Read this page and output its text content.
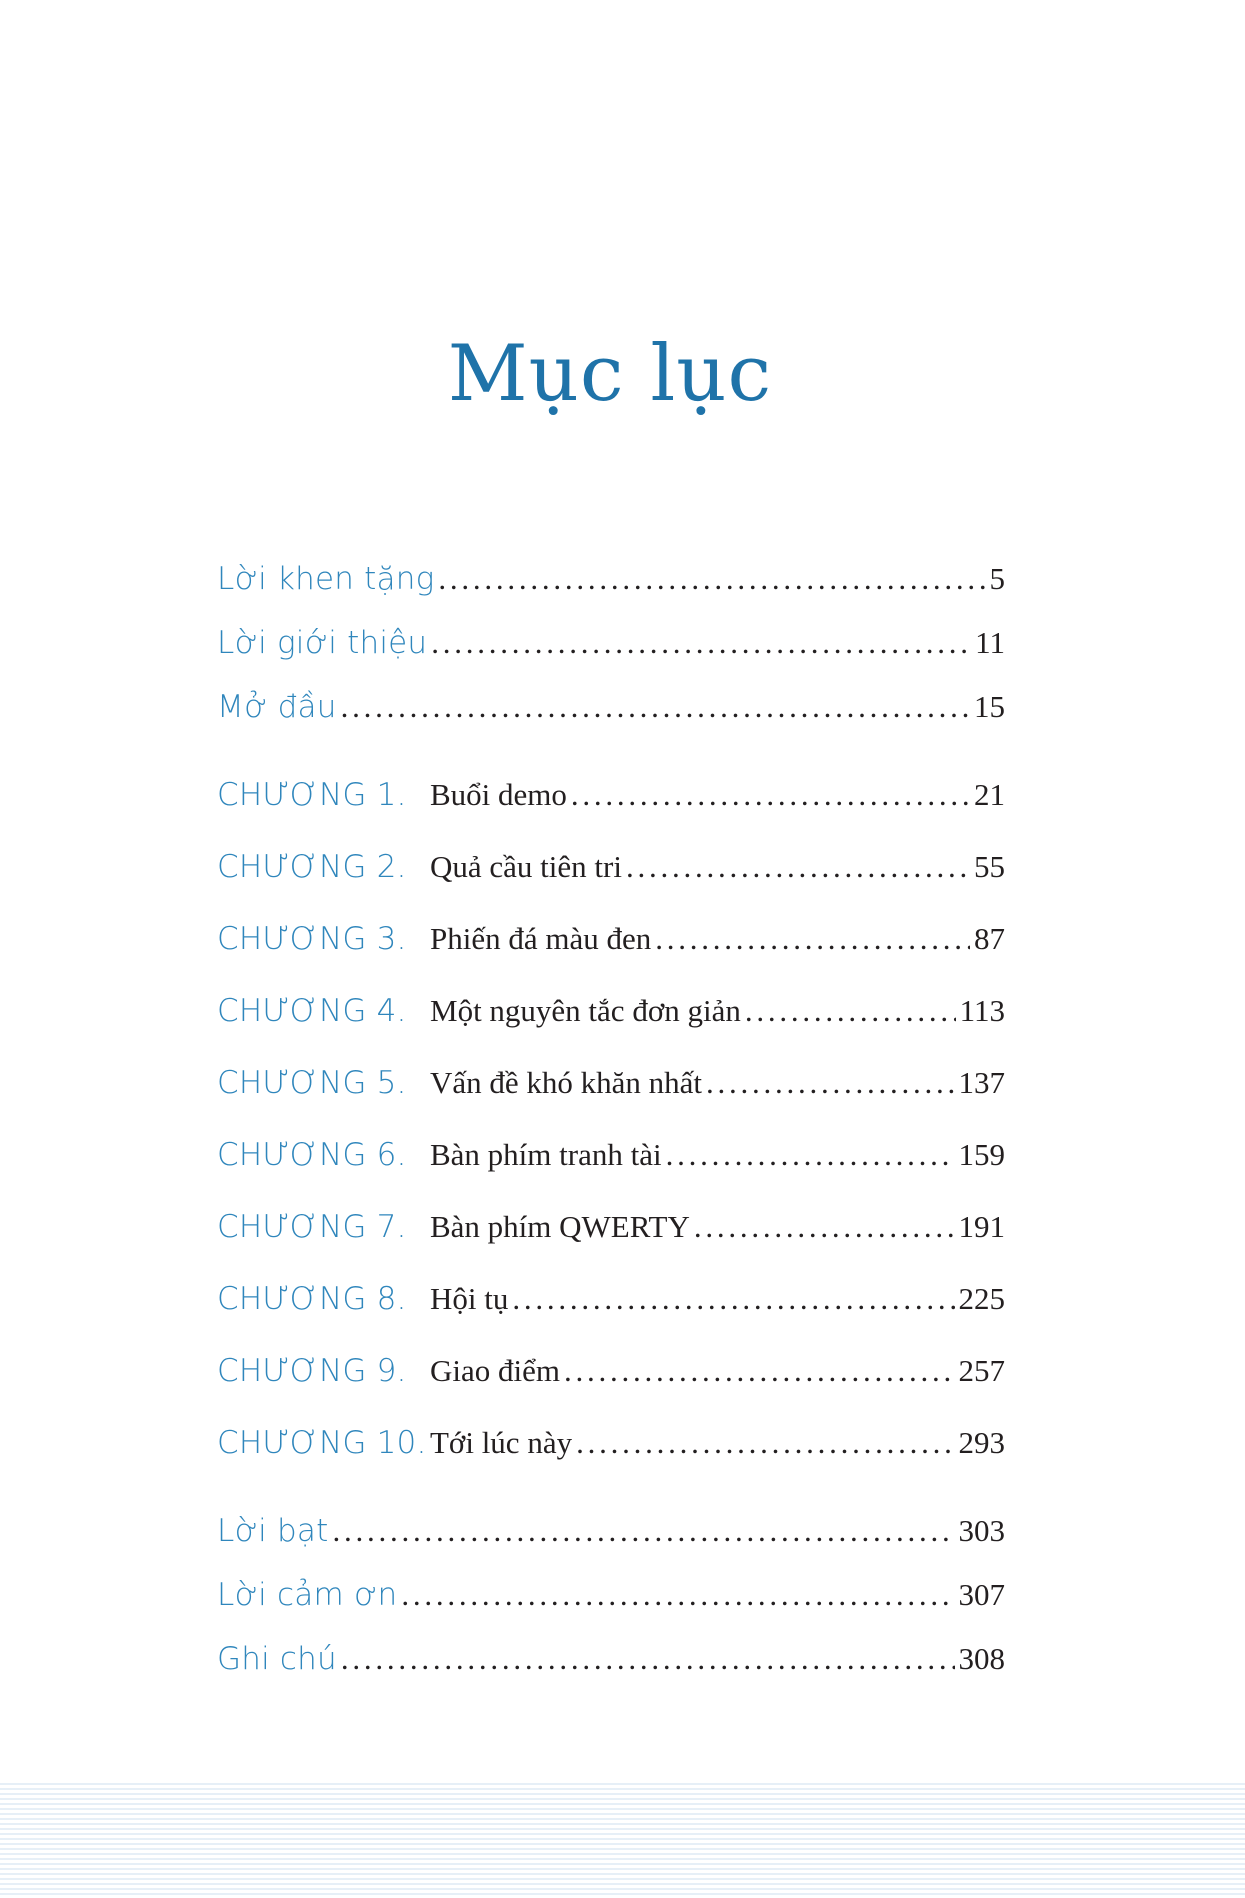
Mục lục
Lời khen tặng . . .	5
Lời giới thiệu . . .	11
Mở đầu . . .	15
CHƯƠNG 1. Buổi demo . . .	21
CHƯƠNG 2. Quả cầu tiên tri . . .	55
CHƯƠNG 3. Phiến đá màu đen . . .	87
CHƯƠNG 4. Một nguyên tắc đơn giản . . .	113
CHƯƠNG 5. Vấn đề khó khăn nhất . . .	137
CHƯƠNG 6. Bàn phím tranh tài . . .	159
CHƯƠNG 7. Bàn phím QWERTY . . .	191
CHƯƠNG 8. Hội tụ . . .	225
CHƯƠNG 9. Giao điểm . . .	257
CHƯƠNG 10. Tới lúc này . . .	293
Lời bạt . . .	303
Lời cảm ơn . . .	307
Ghi chú . . .	308
